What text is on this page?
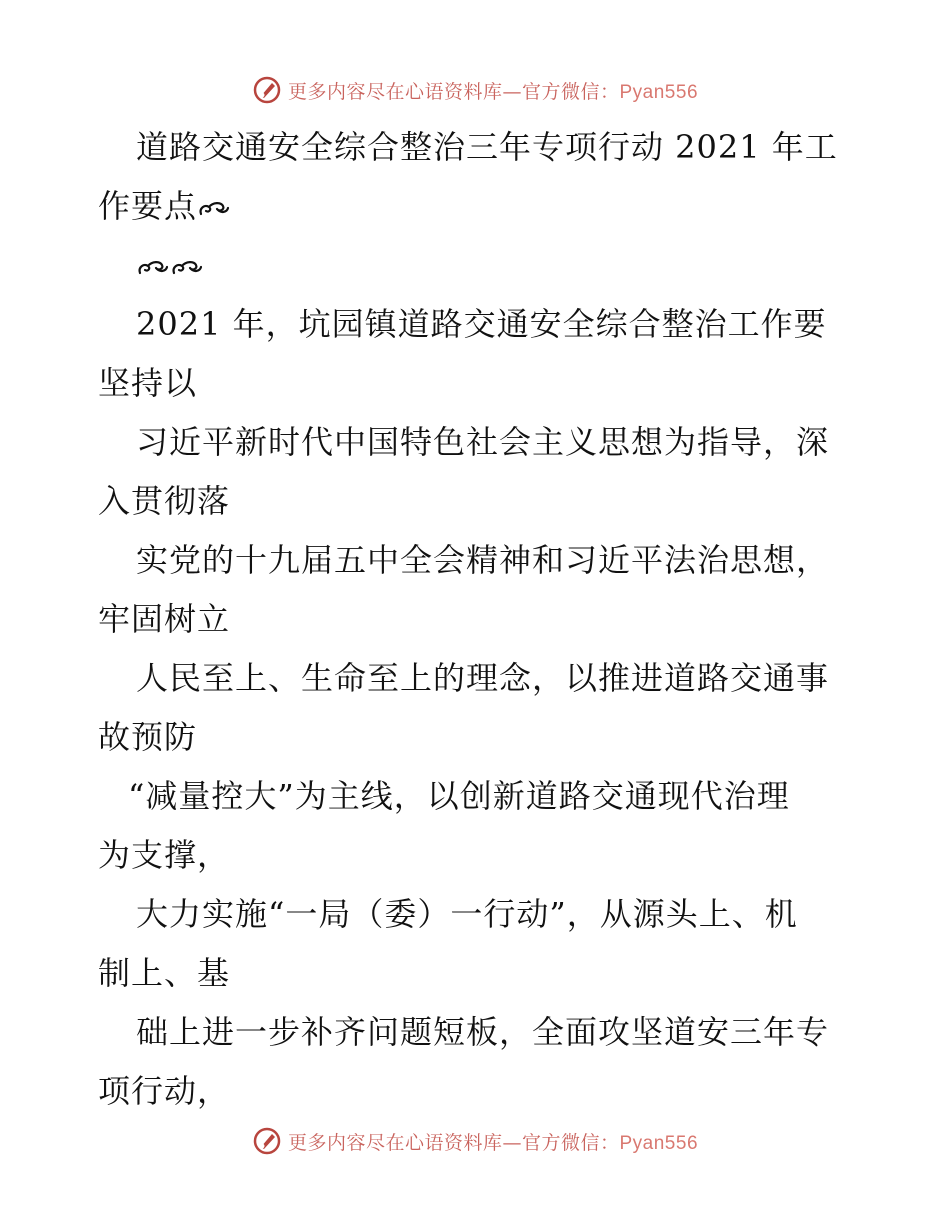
更多内容尽在心语资料库—官方微信：Pyan556
道路交通安全综合整治三年专项行动 2021 年工
作要点
2021 年，坑园镇道路交通安全综合整治工作要
坚持以
习近平新时代中国特色社会主义思想为指导，深
入贯彻落
实党的十九届五中全会精神和习近平法治思想，
牢固树立
人民至上、生命至上的理念，以推进道路交通事
故预防
“减量控大”为主线，以创新道路交通现代治理
为支撑，
大力实施“一局（委）一行动”，从源头上、机
制上、基
础上进一步补齐问题短板，全面攻坚道安三年专
项行动，
更多内容尽在心语资料库—官方微信：Pyan556
